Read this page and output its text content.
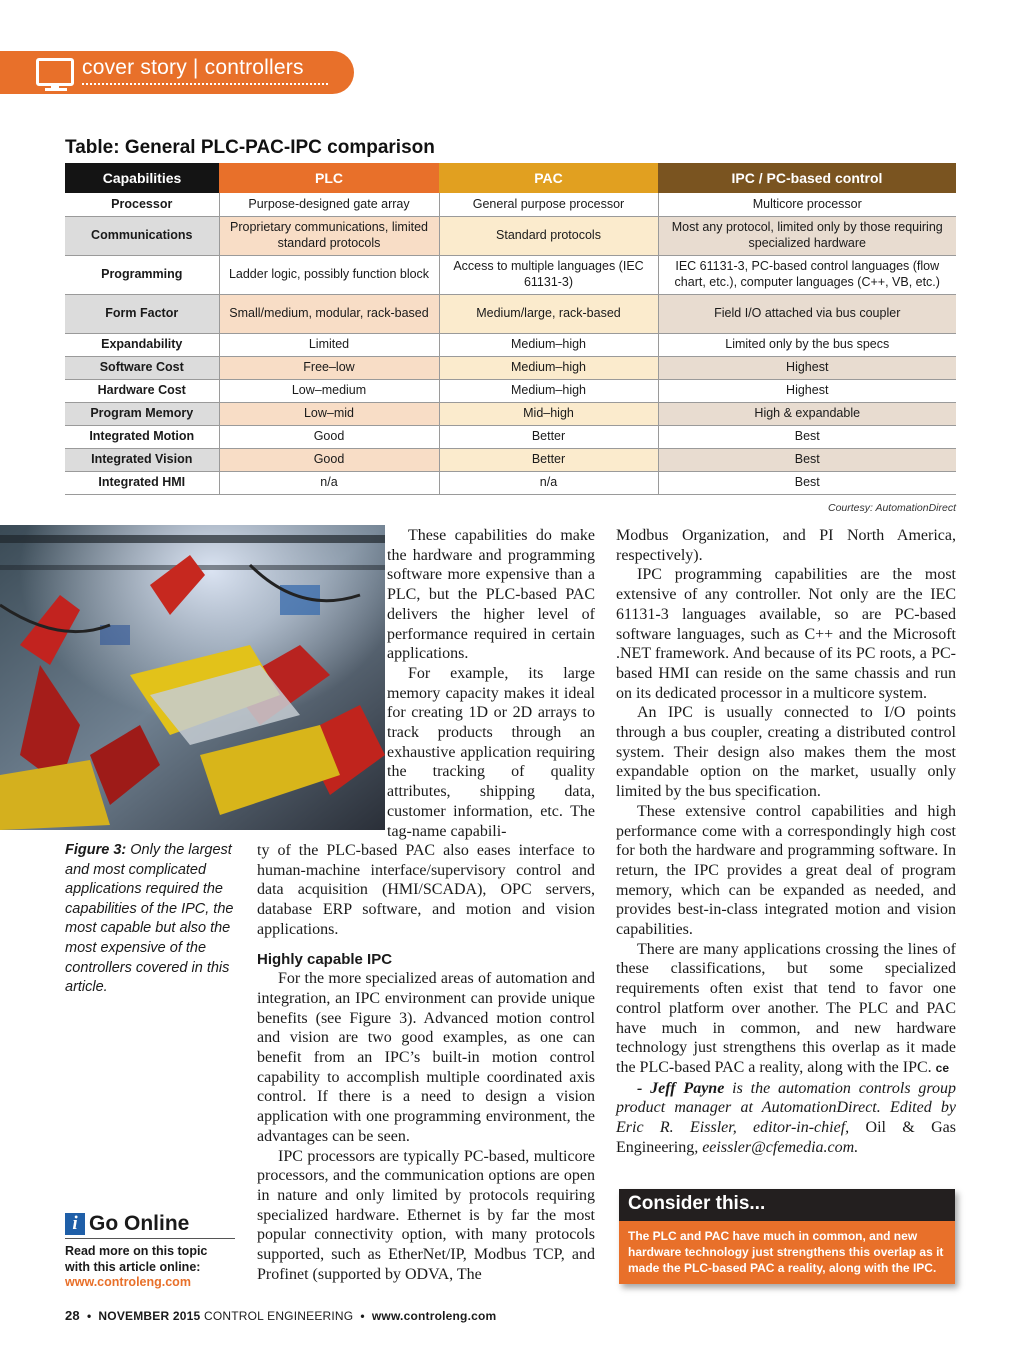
cover story | controllers
Table: General PLC-PAC-IPC comparison
Capabilities	PLC	PAC	IPC / PC-based control
Processor	Purpose-designed gate array	General purpose processor	Multicore processor
Communications	Proprietary communications, limited standard protocols	Standard protocols	Most any protocol, limited only by those requiring specialized hardware
Programming	Ladder logic, possibly function block	Access to multiple languages (IEC 61131-3)	IEC 61131-3, PC-based control languages (flow chart, etc.), computer languages (C++, VB, etc.)
Form Factor	Small/medium, modular, rack-based	Medium/large, rack-based	Field I/O attached via bus coupler
Expandability	Limited	Medium–high	Limited only by the bus specs
Software Cost	Free–low	Medium–high	Highest
Hardware Cost	Low–medium	Medium–high	Highest
Program Memory	Low–mid	Mid–high	High & expandable
Integrated Motion	Good	Better	Best
Integrated Vision	Good	Better	Best
Integrated HMI	n/a	n/a	Best
Courtesy: AutomationDirect
Figure 3: Only the largest and most complicated applications required the capabilities of the IPC, the most capable but also the most expensive of the controllers covered in this article.

These capabilities do make the hardware and programming software more expensive than a PLC, but the PLC-based PAC delivers the higher level of performance required in certain applications.

For example, its large memory capacity makes it ideal for creating 1D or 2D arrays to track products through an exhaustive application requiring the tracking of quality attributes, shipping data, customer information, etc. The tag-name capabili-

ty of the PLC-based PAC also eases interface to human-machine interface/supervisory control and data acquisition (HMI/SCADA), OPC servers, database ERP software, and motion and vision applications.

Highly capable IPC

For the more specialized areas of automation and integration, an IPC environment can provide unique benefits (see Figure 3). Advanced motion control and vision are two good examples, as one can benefit from an IPC’s built-in motion control capability to accomplish multiple coordinated axis control. If there is a need to design a vision application with one programming environment, the advantages can be seen.

IPC processors are typically PC-based, multicore processors, and the communication options are open in nature and only limited by protocols requiring specialized hardware. Ethernet is by far the most popular connectivity option, with many protocols supported, such as EtherNet/IP, Modbus TCP, and Profinet (supported by ODVA, The

Modbus Organization, and PI North America, respectively).

IPC programming capabilities are the most extensive of any controller. Not only are the IEC 61131-3 languages available, so are PC-based software languages, such as C++ and the Microsoft .NET framework. And because of its PC roots, a PC-based HMI can reside on the same chassis and run on its dedicated processor in a multicore system.

An IPC is usually connected to I/O points through a bus coupler, creating a distributed control system. Their design also makes them the most expandable option on the market, usually only limited by the bus specification.

These extensive control capabilities and high performance come with a correspondingly high cost for both the hardware and programming software. In return, the IPC provides a great deal of program memory, which can be expanded as needed, and provides best-in-class integrated motion and vision capabilities.

There are many applications crossing the lines of these classifications, but some specialized requirements often exist that tend to favor one control platform over another. The PLC and PAC have much in common, and new hardware technology just strengthens this overlap as it made the PLC-based PAC a reality, along with the IPC. ce

- Jeff Payne is the automation controls group product manager at AutomationDirect. Edited by Eric R. Eissler, editor-in-chief, Oil & Gas Engineering, eeissler@cfemedia.com.

i Go Online
Read more on this topic with this article online:
www.controleng.com
Consider this...
The PLC and PAC have much in common, and new hardware technology just strengthens this overlap as it made the PLC-based PAC a reality, along with the IPC.
28  •  NOVEMBER 2015 CONTROL ENGINEERING  •  www.controleng.com
